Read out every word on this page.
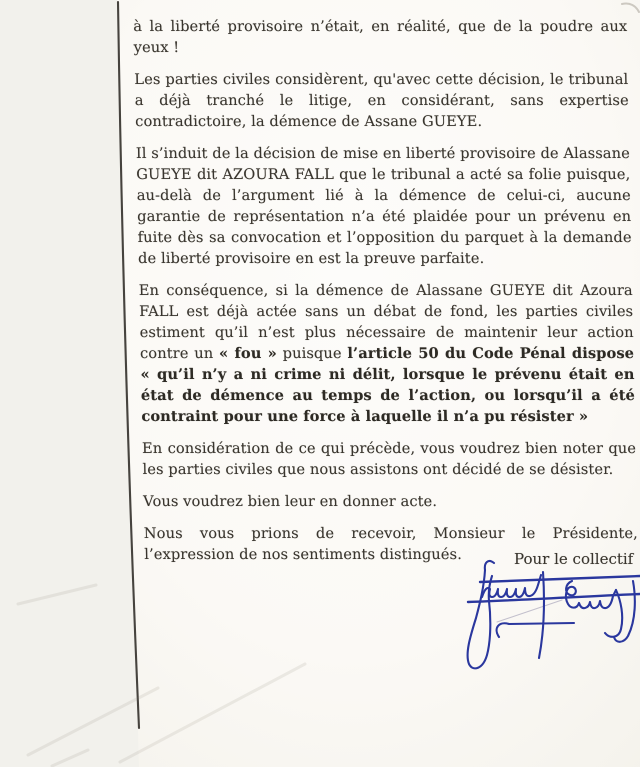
à la liberté provisoire n’était, en réalité, que de la poudre aux yeux !

Les parties civiles considèrent, qu'avec cette décision, le tribunal a déjà tranché le litige, en considérant, sans expertise contradictoire, la démence de Assane GUEYE.

Il s’induit de la décision de mise en liberté provisoire de Alassane GUEYE dit AZOURA FALL que le tribunal a acté sa folie puisque, au-delà de l’argument lié à la démence de celui-ci, aucune garantie de représentation n’a été plaidée pour un prévenu en fuite dès sa convocation et l’opposition du parquet à la demande de liberté provisoire en est la preuve parfaite.

En conséquence, si la démence de Alassane GUEYE dit Azoura FALL est déjà actée sans un débat de fond, les parties civiles estiment qu’il n’est plus nécessaire de maintenir leur action contre un « fou » puisque l’article 50 du Code Pénal dispose « qu’il n’y a ni crime ni délit, lorsque le prévenu était en état de démence au temps de l’action, ou lorsqu’il a été contraint pour une force à laquelle il n’a pu résister »

En considération de ce qui précède, vous voudrez bien noter que les parties civiles que nous assistons ont décidé de se désister.

Vous voudrez bien leur en donner acte.

Nous vous prions de recevoir, Monsieur le Présidente, l’expression de nos sentiments distingués.	Pour le collectif
